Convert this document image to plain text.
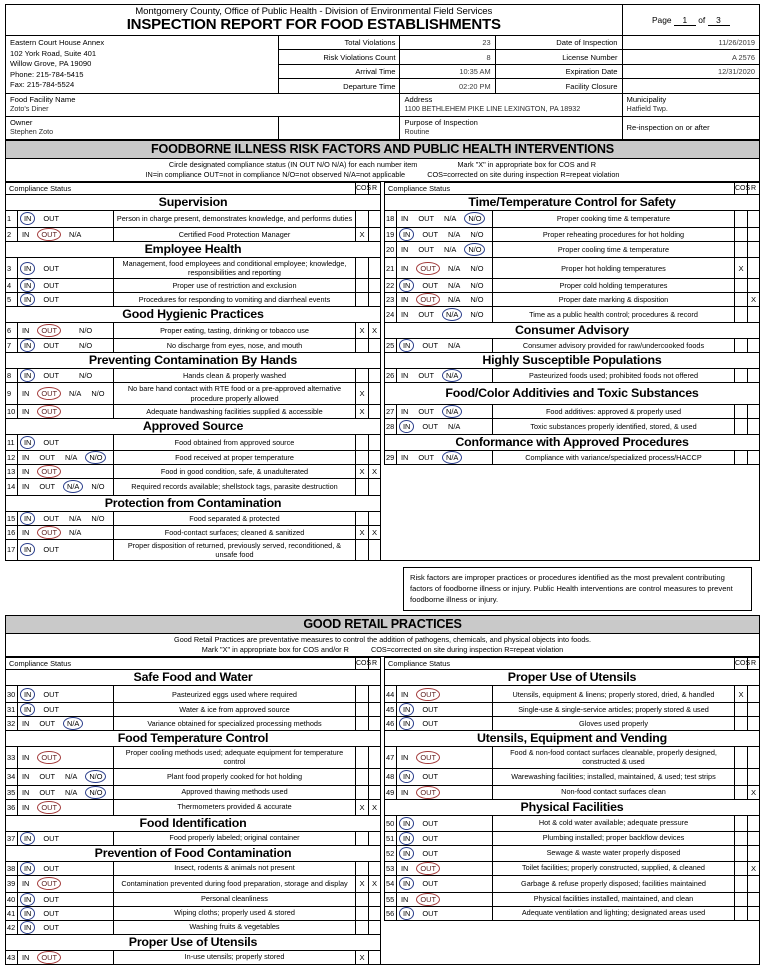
Montgomery County, Office of Public Health - Division of Environmental Field Services
INSPECTION REPORT FOR FOOD ESTABLISHMENTS				Page 1 of 3

Eastern Court House Annex
102 York Road, Suite 401
Willow Grove, PA 19090
Phone: 215-784-5415
Fax: 215-784-5524	Total Violations	23	Date of Inspection	11/26/2019
	Risk Violations Count	8	License Number	A 2576
	Arrival Time	10:35 AM	Expiration Date	12/31/2020
	Departure Time	02:20 PM	Facility Closure	

Food Facility Name
Zoto's Diner

Address
1100 BETHLEHEM PIKE LINE LEXINGTON, PA 18932

Municipality
Hatfield Twp.

Owner
Stephen Zoto

Purpose of Inspection
Routine

Re-inspection on or after
FOODBORNE ILLNESS RISK FACTORS AND PUBLIC HEALTH INTERVENTIONS

Circle designated compliance status (IN OUT N/O N/A) for each number item	Mark "X" in appropriate box for COS and R
IN=in compliance OUT=not in compliance N/O=not observed N/A=not applicable	COS=corrected on site during inspection R=repeat violation
Compliance Status			COS	R		Compliance Status			COS	R
Supervision						Time/Temperature Control for Safety				
1	IN OUT	Person in charge present, demonstrates knowledge, and performs duties				18	IN OUT N/A N/O	Proper cooking time & temperature		
2	IN OUT N/A	Certified Food Protection Manager	X			19	IN OUT N/A N/O	Proper reheating procedures for hot holding		
Employee Health						20	IN OUT N/A N/O	Proper cooling time & temperature		
3	IN OUT	Management, food employees and conditional employee; knowledge, responsibilities and reporting				21	IN OUT N/A N/O	Proper hot holding temperatures	X	
4	IN OUT	Proper use of restriction and exclusion				22	IN OUT N/A N/O	Proper cold holding temperatures		
5	IN OUT	Procedures for responding to vomiting and diarrheal events				23	IN OUT N/A N/O	Proper date marking & disposition		X
Good Hygienic Practices						24	IN OUT N/A N/O	Time as a public health control; procedures & record		
6	IN OUT N/O	Proper eating, tasting, drinking or tobacco use	X	X		Consumer Advisory				
7	IN OUT N/O	No discharge from eyes, nose, and mouth				25	IN OUT N/A	Consumer advisory provided for raw/undercooked foods		
Preventing Contamination By Hands						Highly Susceptible Populations				
8	IN OUT N/O	Hands clean & properly washed				26	IN OUT N/A	Pasteurized foods used; prohibited foods not offered		
9	IN OUT N/A N/O	No bare hand contact with RTE food or a pre-approved alternative procedure properly allowed	X			Food/Color Additivies and Toxic Substances				
10	IN OUT	Adequate handwashing facilities supplied & accessible	X			27	IN OUT N/A	Food additives: approved & properly used		
Approved Source						28	IN OUT N/A	Toxic substances properly identified, stored, & used		
11	IN OUT	Food obtained from approved source				Conformance with Approved Procedures				
12	IN OUT N/A N/O	Food received at proper temperature				29	IN OUT N/A	Compliance with variance/specialized process/HACCP		
13	IN OUT	Food in good condition, safe, & unadulterated	X	X						
14	IN OUT N/A N/O	Required records available; shellstock tags, parasite destruction								
Protection from Contamination										
15	IN OUT N/A N/O	Food separated & protected								
16	IN OUT N/A	Food-contact surfaces; cleaned & sanitized	X	X						
17	IN OUT	Proper disposition of returned, previously served, reconditioned, & unsafe food								

Risk factors are improper practices or procedures identified as the most prevalent contributing factors of foodborne illness or injury. Public Health interventions are control measures to prevent foodborne illness or injury.
GOOD RETAIL PRACTICES

Good Retail Practices are preventative measures to control the addition of pathogens, chemicals, and physical objects into foods.
Mark "X" in appropriate box for COS and/or R	COS=corrected on site during inspection R=repeat violation
Compliance Status			COS	R		Compliance Status			COS	R
Safe Food and Water						Proper Use of Utensils				
30	IN OUT	Pasteurized eggs used where required				44	IN OUT	Utensils, equipment & linens; properly stored, dried, & handled	X	
31	IN OUT	Water & ice from approved source				45	IN OUT	Single-use & single-service articles; properly stored & used		
32	IN OUT N/A	Variance obtained for specialized processing methods				46	IN OUT	Gloves used properly		
Food Temperature Control						Utensils, Equipment and Vending				
33	IN OUT	Proper cooling methods used; adequate equipment for temperature control				47	IN OUT	Food & non-food contact surfaces cleanable, properly designed, constructed & used		
34	IN OUT N/A N/O	Plant food properly cooked for hot holding				48	IN OUT	Warewashing facilities; installed, maintained, & used; test strips		
35	IN OUT N/A N/O	Approved thawing methods used				49	IN OUT	Non-food contact surfaces clean		X
36	IN OUT	Thermometers provided & accurate	X	X		Physical Facilities				
Food Identification						50	IN OUT	Hot & cold water available; adequate pressure		
37	IN OUT	Food properly labeled; original container				51	IN OUT	Plumbing installed; proper backflow devices		
Prevention of Food Contamination						52	IN OUT	Sewage & waste water properly disposed		
38	IN OUT	Insect, rodents & animals not present				53	IN OUT	Toilet facilities; properly constructed, supplied, & cleaned		X
39	IN OUT	Contamination prevented during food preparation, storage and display	X	X		54	IN OUT	Garbage & refuse properly disposed; facilities maintained		
40	IN OUT	Personal cleanliness				55	IN OUT	Physical facilities installed, maintained, and clean		
41	IN OUT	Wiping cloths; properly used & stored				56	IN OUT	Adequate ventilation and lighting; designated areas used		
42	IN OUT	Washing fruits & vegetables								
Proper Use of Utensils										
43	IN OUT	In-use utensils; properly stored	X							
